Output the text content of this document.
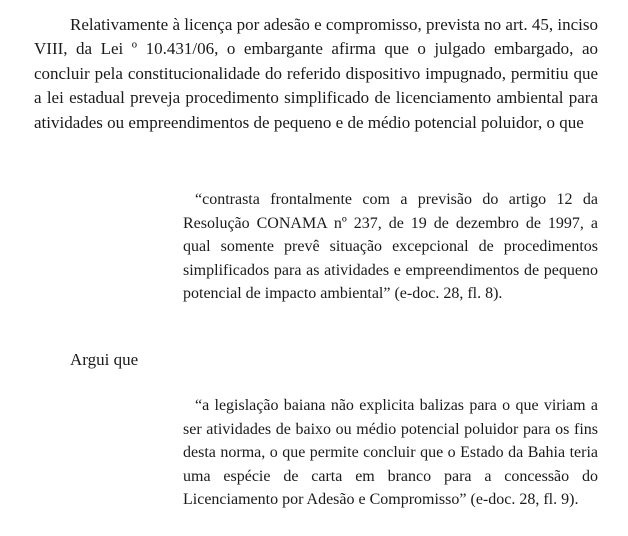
Relativamente à licença por adesão e compromisso, prevista no art. 45, inciso VIII, da Lei º 10.431/06, o embargante afirma que o julgado embargado, ao concluir pela constitucionalidade do referido dispositivo impugnado, permitiu que a lei estadual preveja procedimento simplificado de licenciamento ambiental para atividades ou empreendimentos de pequeno e de médio potencial poluidor, o que

“contrasta frontalmente com a previsão do artigo 12 da Resolução CONAMA nº 237, de 19 de dezembro de 1997, a qual somente prevê situação excepcional de procedimentos simplificados para as atividades e empreendimentos de pequeno potencial de impacto ambiental” (e-doc. 28, fl. 8).

Argui que

“a legislação baiana não explicita balizas para o que viriam a ser atividades de baixo ou médio potencial poluidor para os fins desta norma, o que permite concluir que o Estado da Bahia teria uma espécie de carta em branco para a concessão do Licenciamento por Adesão e Compromisso” (e-doc. 28, fl. 9).
